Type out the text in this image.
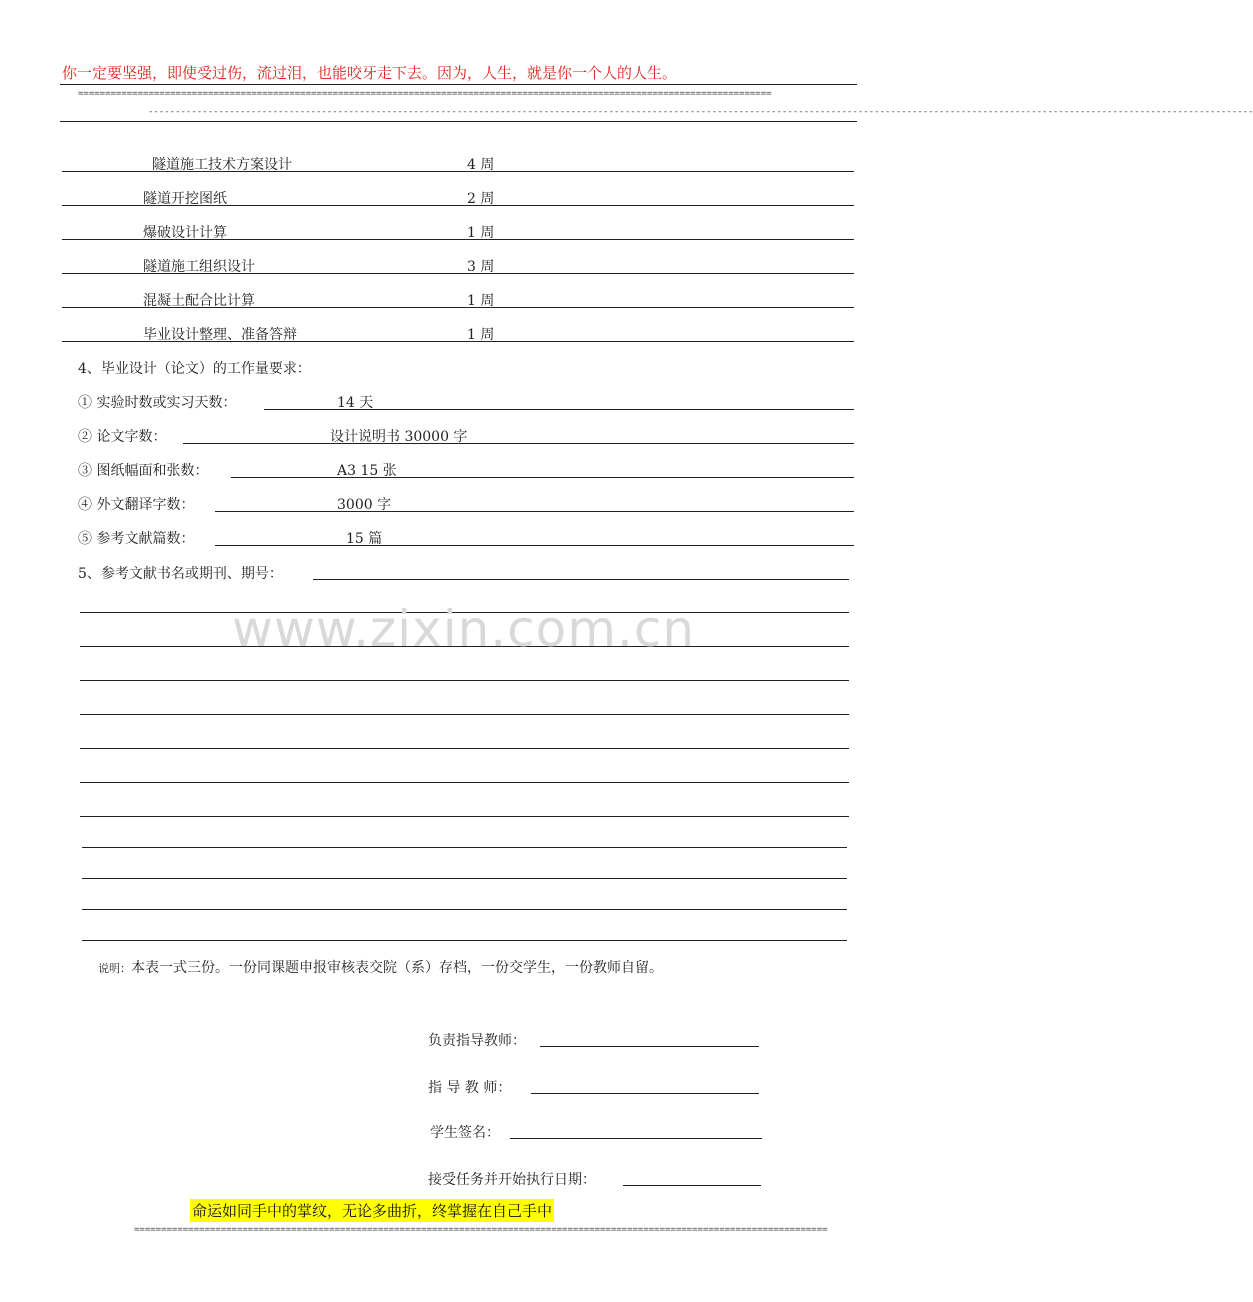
你一定要坚强，即使受过伤，流过泪，也能咬牙走下去。因为，人生，就是你一个人的人生。
================================================================================================================================
------------------------------------------------------------------------------------------------------------------------------------------------------------------------------------------------------------
隧道施工技术方案设计	4 周
隧道开挖图纸	2 周
爆破设计计算	1 周
隧道施工组织设计	3 周
混凝土配合比计算	1 周
毕业设计整理、准备答辩	1 周
4、毕业设计（论文）的工作量要求：
① 实验时数或实习天数：	14 天
② 论文字数：	设计说明书 30000 字
③ 图纸幅面和张数：	A3 15 张
④ 外文翻译字数：	3000 字
⑤ 参考文献篇数：	15 篇
5、参考文献书名或期刊、期号：
www.zixin.com.cn
说明：本表一式三份。一份同课题申报审核表交院（系）存档，一份交学生，一份教师自留。
负责指导教师：
指 导 教 师：
学生签名：
接受任务并开始执行日期：
命运如同手中的掌纹，无论多曲折，终掌握在自己手中
================================================================================================================================
